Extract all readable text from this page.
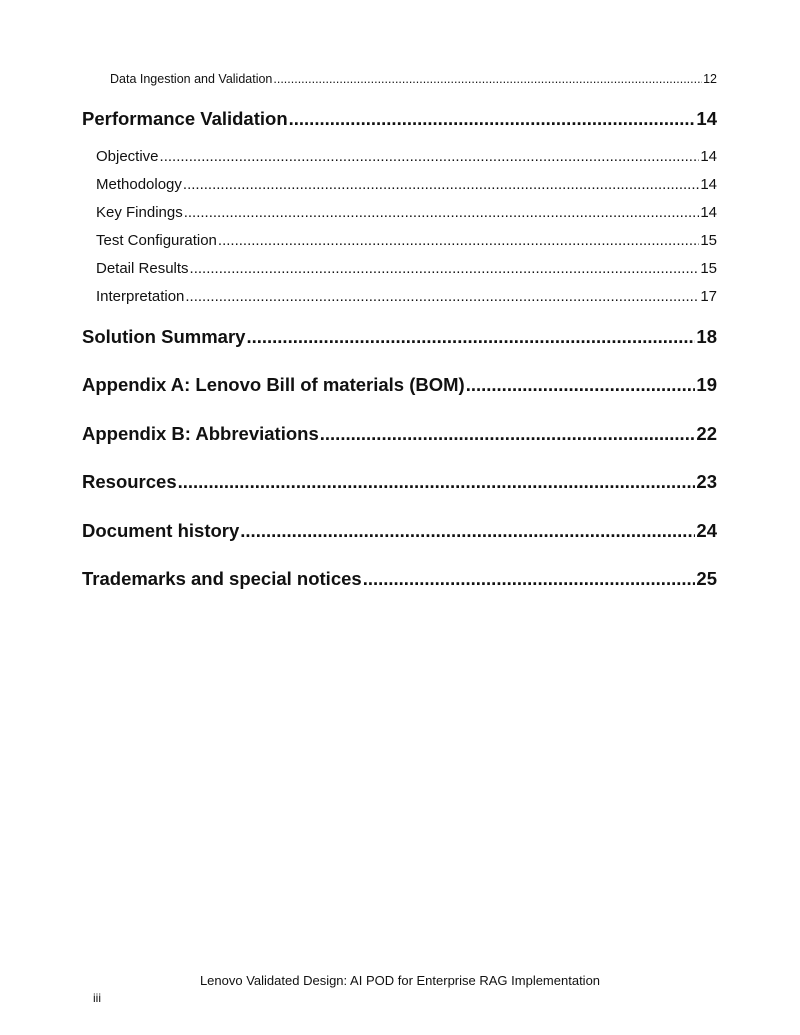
Data Ingestion and Validation .....	12
Performance Validation .....	14
Objective .....	14
Methodology .....	14
Key Findings .....	14
Test Configuration .....	15
Detail Results .....	15
Interpretation .....	17
Solution Summary .....	18
Appendix A: Lenovo Bill of materials (BOM) .....	19
Appendix B: Abbreviations .....	22
Resources .....	23
Document history .....	24
Trademarks and special notices .....	25
Lenovo Validated Design: AI POD for Enterprise RAG Implementation
iii
